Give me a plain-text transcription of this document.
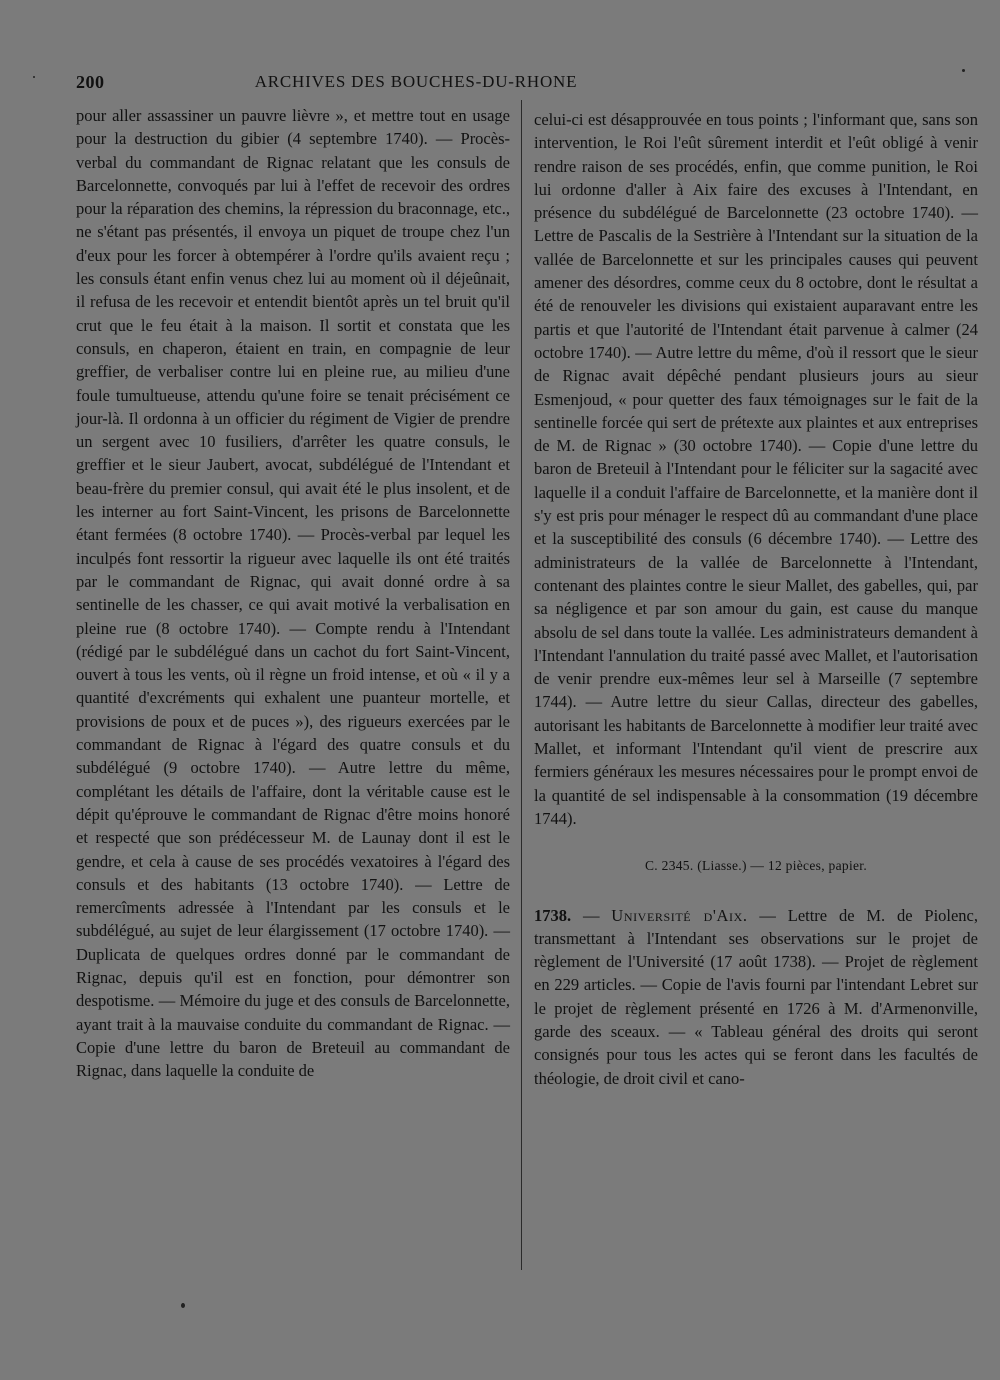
200	ARCHIVES DES BOUCHES-DU-RHONE

pour aller assassiner un pauvre lièvre », et mettre tout en usage pour la destruction du gibier (4 septembre 1740). — Procès-verbal du commandant de Rignac relatant que les consuls de Barcelonnette, convoqués par lui à l'effet de recevoir des ordres pour la réparation des chemins, la répression du braconnage, etc., ne s'étant pas présentés, il envoya un piquet de troupe chez l'un d'eux pour les forcer à obtempérer à l'ordre qu'ils avaient reçu ; les consuls étant enfin venus chez lui au moment où il déjeûnait, il refusa de les recevoir et entendit bientôt après un tel bruit qu'il crut que le feu était à la maison. Il sortit et constata que les consuls, en chaperon, étaient en train, en compagnie de leur greffier, de verbaliser contre lui en pleine rue, au milieu d'une foule tumultueuse, attendu qu'une foire se tenait précisément ce jour-là. Il ordonna à un officier du régiment de Vigier de prendre un sergent avec 10 fusiliers, d'arrêter les quatre consuls, le greffier et le sieur Jaubert, avocat, subdélégué de l'Intendant et beau-frère du premier consul, qui avait été le plus insolent, et de les interner au fort Saint-Vincent, les prisons de Barcelonnette étant fermées (8 octobre 1740). — Procès-verbal par lequel les inculpés font ressortir la rigueur avec laquelle ils ont été traités par le commandant de Rignac, qui avait donné ordre à sa sentinelle de les chasser, ce qui avait motivé la verbalisation en pleine rue (8 octobre 1740). — Compte rendu à l'Intendant (rédigé par le subdélégué dans un cachot du fort Saint-Vincent, ouvert à tous les vents, où il règne un froid intense, et où « il y a quantité d'excréments qui exhalent une puanteur mortelle, et provisions de poux et de puces »), des rigueurs exercées par le commandant de Rignac à l'égard des quatre consuls et du subdélégué (9 octobre 1740). — Autre lettre du même, complétant les détails de l'affaire, dont la véritable cause est le dépit qu'éprouve le commandant de Rignac d'être moins honoré et respecté que son prédécesseur M. de Launay dont il est le gendre, et cela à cause de ses procédés vexatoires à l'égard des consuls et des habitants (13 octobre 1740). — Lettre de remercîments adressée à l'Intendant par les consuls et le subdélégué, au sujet de leur élargissement (17 octobre 1740). — Duplicata de quelques ordres donné par le commandant de Rignac, depuis qu'il est en fonction, pour démontrer son despotisme. — Mémoire du juge et des consuls de Barcelonnette, ayant trait à la mauvaise conduite du commandant de Rignac. — Copie d'une lettre du baron de Breteuil au commandant de Rignac, dans laquelle la conduite de

celui-ci est désapprouvée en tous points ; l'informant que, sans son intervention, le Roi l'eût sûrement interdit et l'eût obligé à venir rendre raison de ses procédés, enfin, que comme punition, le Roi lui ordonne d'aller à Aix faire des excuses à l'Intendant, en présence du subdélégué de Barcelonnette (23 octobre 1740). — Lettre de Pascalis de la Sestrière à l'Intendant sur la situation de la vallée de Barcelonnette et sur les principales causes qui peuvent amener des désordres, comme ceux du 8 octobre, dont le résultat a été de renouveler les divisions qui existaient auparavant entre les partis et que l'autorité de l'Intendant était parvenue à calmer (24 octobre 1740). — Autre lettre du même, d'où il ressort que le sieur de Rignac avait dépêché pendant plusieurs jours au sieur Esmenjoud, « pour quetter des faux témoignages sur le fait de la sentinelle forcée qui sert de prétexte aux plaintes et aux entreprises de M. de Rignac » (30 octobre 1740). — Copie d'une lettre du baron de Breteuil à l'Intendant pour le féliciter sur la sagacité avec laquelle il a conduit l'affaire de Barcelonnette, et la manière dont il s'y est pris pour ménager le respect dû au commandant d'une place et la susceptibilité des consuls (6 décembre 1740). — Lettre des administrateurs de la vallée de Barcelonnette à l'Intendant, contenant des plaintes contre le sieur Mallet, des gabelles, qui, par sa négligence et par son amour du gain, est cause du manque absolu de sel dans toute la vallée. Les administrateurs demandent à l'Intendant l'annulation du traité passé avec Mallet, et l'autorisation de venir prendre eux-mêmes leur sel à Marseille (7 septembre 1744). — Autre lettre du sieur Callas, directeur des gabelles, autorisant les habitants de Barcelonnette à modifier leur traité avec Mallet, et informant l'Intendant qu'il vient de prescrire aux fermiers généraux les mesures nécessaires pour le prompt envoi de la quantité de sel indispensable à la consommation (19 décembre 1744).

C. 2345. (Liasse.) — 12 pièces, papier.

1738. — Université d'Aix. — Lettre de M. de Piolenc, transmettant à l'Intendant ses observations sur le projet de règlement de l'Université (17 août 1738). — Projet de règlement en 229 articles. — Copie de l'avis fourni par l'intendant Lebret sur le projet de règlement présenté en 1726 à M. d'Armenonville, garde des sceaux. — « Tableau général des droits qui seront consignés pour tous les actes qui se feront dans les facultés de théologie, de droit civil et cano-
